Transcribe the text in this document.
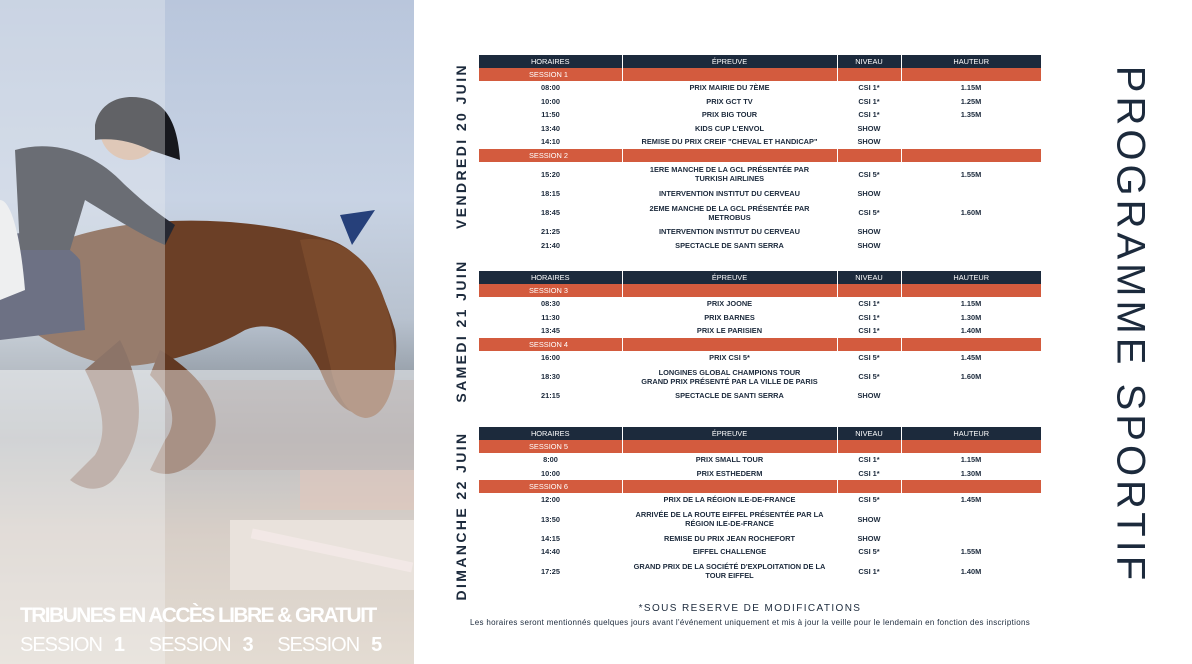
TRIBUNES EN ACCÈS LIBRE & GRATUIT
SESSION 1 SESSION 3 SESSION 5
PROGRAMME SPORTIF
VENDREDI 20 JUIN
SAMEDI 21 JUIN
DIMANCHE 22 JUIN
HORAIRES	ÉPREUVE	NIVEAU	HAUTEUR
SESSION 1			
08:00	PRIX MAIRIE DU 7ÈME	CSI 1*	1.15M
10:00	PRIX GCT TV	CSI 1*	1.25M
11:50	PRIX BIG TOUR	CSI 1*	1.35M
13:40	KIDS CUP L'ENVOL	SHOW	
14:10	REMISE DU PRIX CREIF "CHEVAL ET HANDICAP"	SHOW	
SESSION 2			
15:20	1ERE MANCHE DE LA GCL PRÉSENTÉE PAR
TURKISH AIRLINES	CSI 5*	1.55M
18:15	INTERVENTION INSTITUT DU CERVEAU	SHOW	
18:45	2EME MANCHE DE LA GCL PRÉSENTÉE PAR
METROBUS	CSI 5*	1.60M
21:25	INTERVENTION INSTITUT DU CERVEAU	SHOW	
21:40	SPECTACLE DE SANTI SERRA	SHOW	
HORAIRES	ÉPREUVE	NIVEAU	HAUTEUR
SESSION 3			
08:30	PRIX JOONE	CSI 1*	1.15M
11:30	PRIX BARNES	CSI 1*	1.30M
13:45	PRIX LE PARISIEN	CSI 1*	1.40M
SESSION 4			
16:00	PRIX CSI 5*	CSI 5*	1.45M
18:30	LONGINES GLOBAL CHAMPIONS TOUR
GRAND PRIX PRÉSENTÉ PAR LA VILLE DE PARIS	CSI 5*	1.60M
21:15	SPECTACLE DE SANTI SERRA	SHOW	
HORAIRES	ÉPREUVE	NIVEAU	HAUTEUR
SESSION 5			
8:00	PRIX SMALL TOUR	CSI 1*	1.15M
10:00	PRIX ESTHEDERM	CSI 1*	1.30M
SESSION 6			
12:00	PRIX DE LA RÉGION ILE-DE-FRANCE	CSI 5*	1.45M
13:50	ARRIVÉE DE LA ROUTE EIFFEL PRÉSENTÉE PAR LA
RÉGION ILE-DE-FRANCE	SHOW	
14:15	REMISE DU PRIX JEAN ROCHEFORT	SHOW	
14:40	EIFFEL CHALLENGE	CSI 5*	1.55M
17:25	GRAND PRIX DE LA SOCIÉTÉ D'EXPLOITATION DE LA
TOUR EIFFEL	CSI 1*	1.40M
*SOUS RESERVE DE MODIFICATIONS
Les horaires seront mentionnés quelques jours avant l'événement uniquement et mis à jour la veille pour le lendemain en fonction des inscriptions
